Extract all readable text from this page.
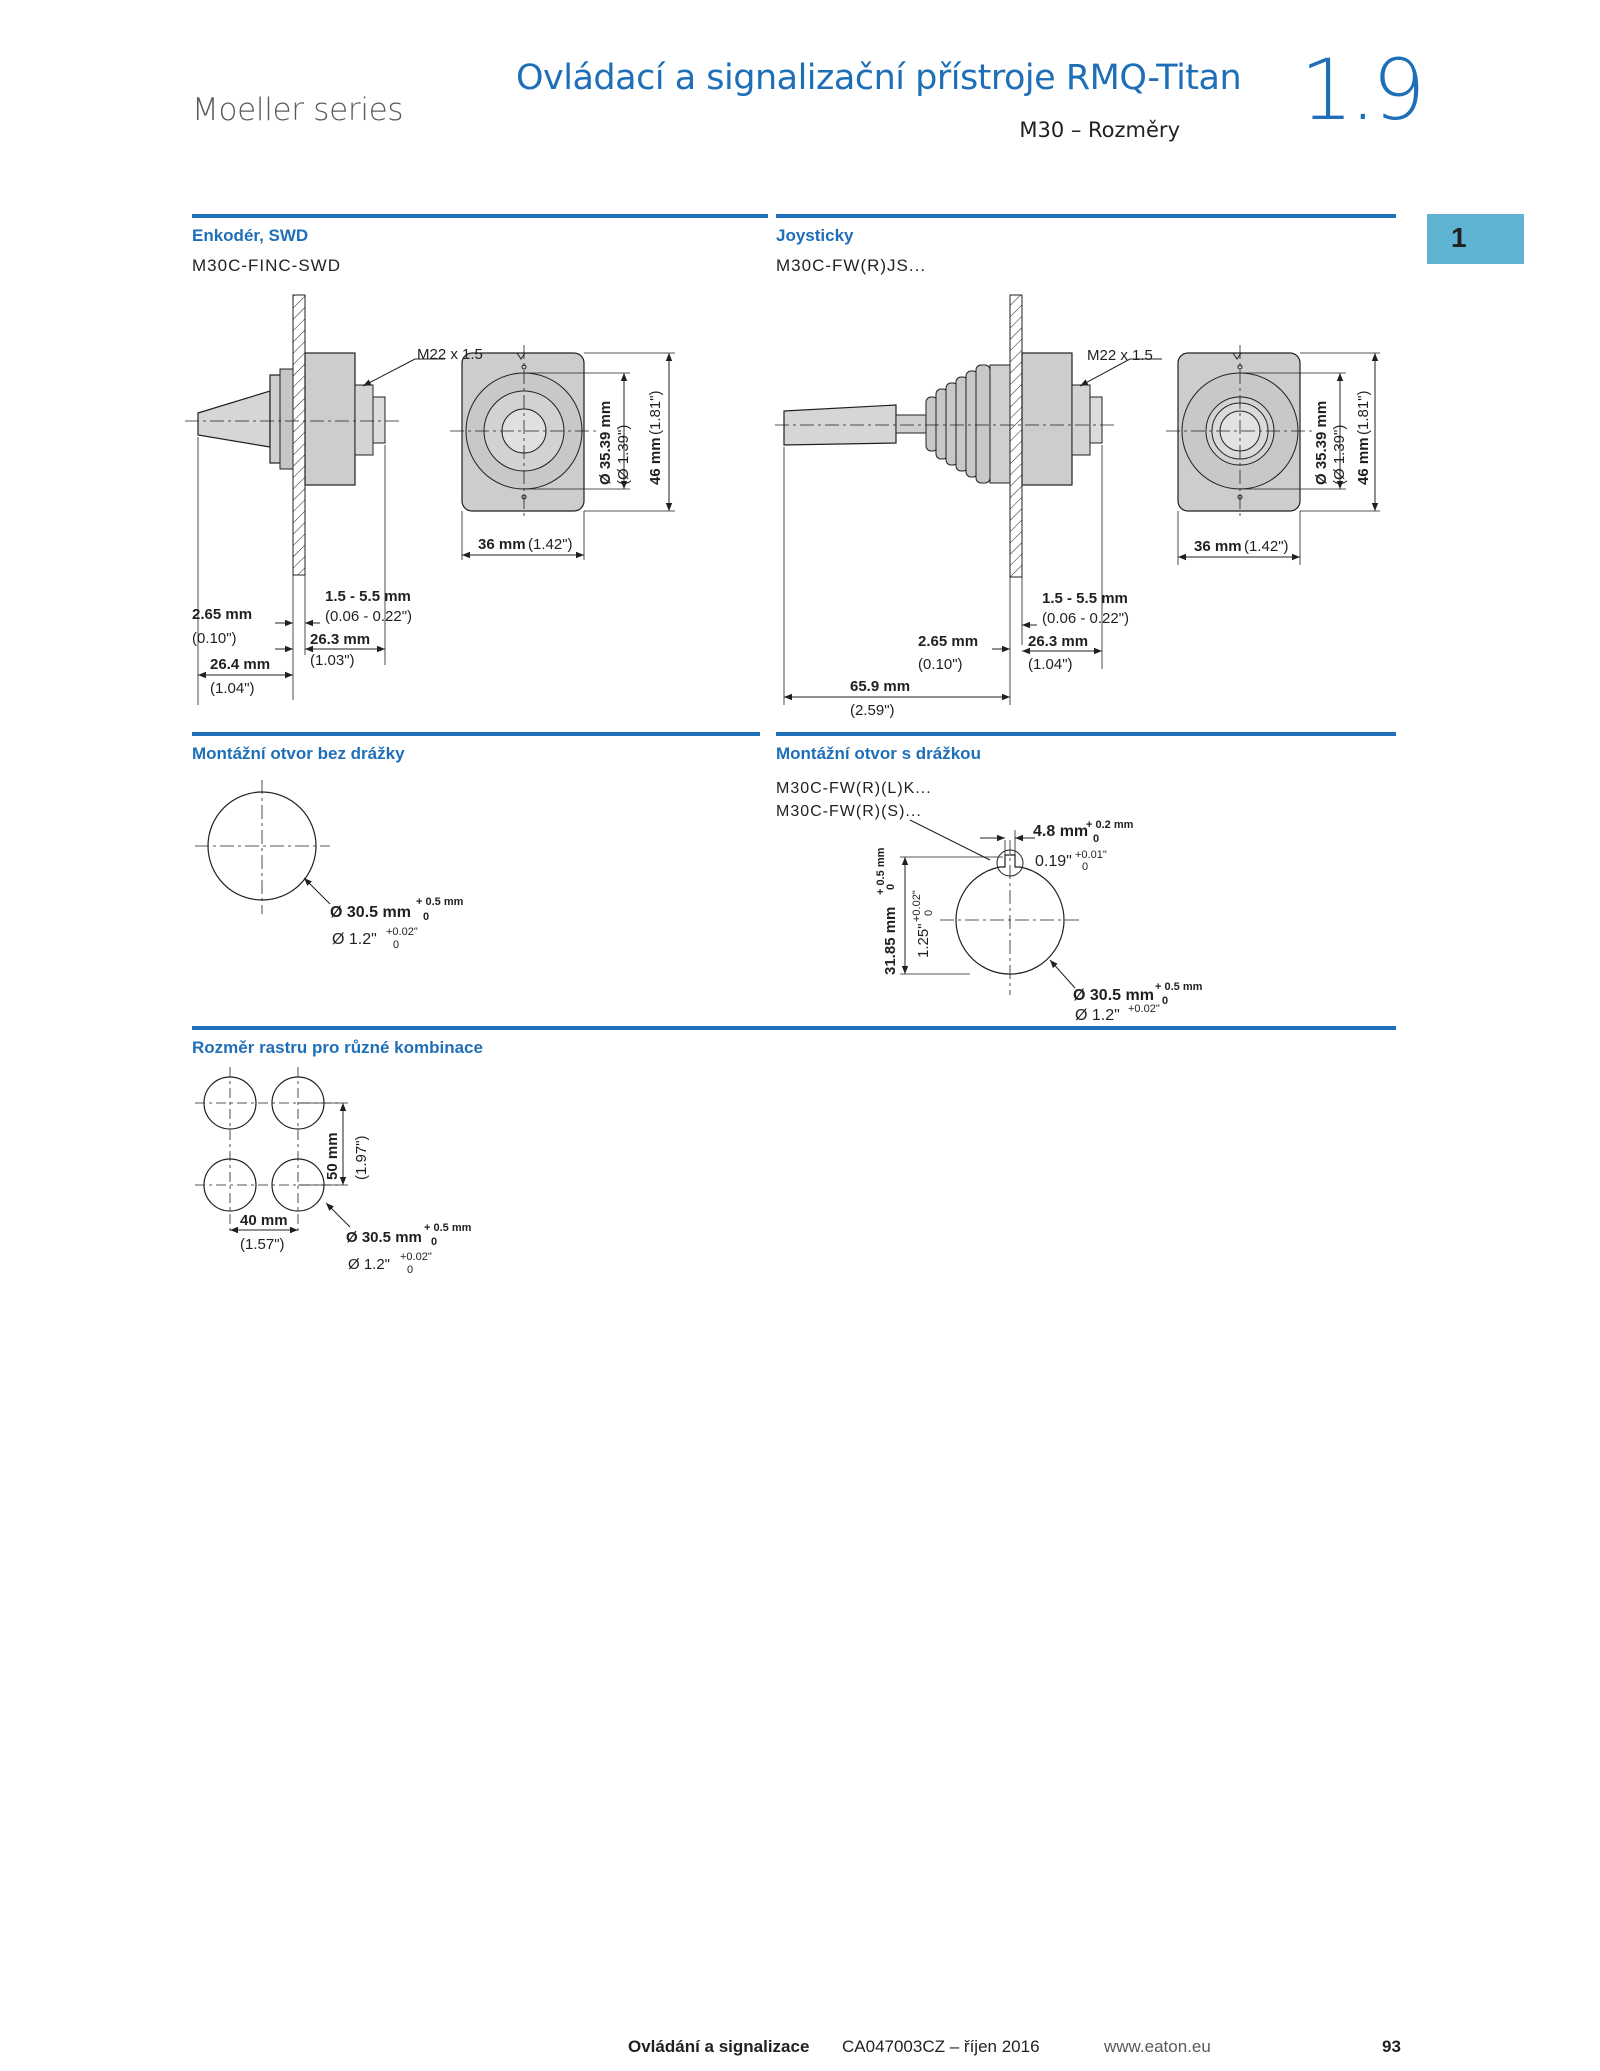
Moeller series
Ovládací a signalizační přístroje RMQ-Titan
M30 – Rozměry 1.9
1
Enkodér, SWD
M30C-FINC-SWD
Joysticky
M30C-FW(R)JS...
Montážní otvor bez drážky	Montážní otvor s drážkou
M30C-FW(R)(L)K...
M30C-FW(R)(S)...
Rozměr rastru pro různé kombinace
Ø 35.39 mm (Ø 1.39") 46 mm
(1.81")
36 mm (1.42")
M22 x 1.5
1.5 - 5.5 mm
(0.06 - 0.22")
2.65 mm
(0.10")	26.3 mm
(1.03")
26.4 mm
(1.04")
M22 x 1.5
Ø 35.39 mm (Ø 1.39") 46 mm
(1.81")
36 mm (1.42")
1.5 - 5.5 mm
(0.06 - 0.22")
2.65 mm
(0.10")
26.3 mm
(1.04")
65.9 mm
(2.59")
Ø 30.5 mm
+ 0.5 mm
0
Ø 1.2" +0.02"
0
4.8 mm
+ 0.2 mm
0
0.19" +0.01"
0
31.85 mm
+ 0.5 mm
0
1.25"
+0.02" 0
Ø 30.5 mm + 0.5 mm
0
Ø 1.2" +0.02"
50 mm (1.97")
40 mm
(1.57")	Ø 30.5 mm
+ 0.5 mm
0
Ø 1.2" +0.02"
0
Ovládání a signalizace CA047003CZ – říjen 2016	www.eaton.eu	93
